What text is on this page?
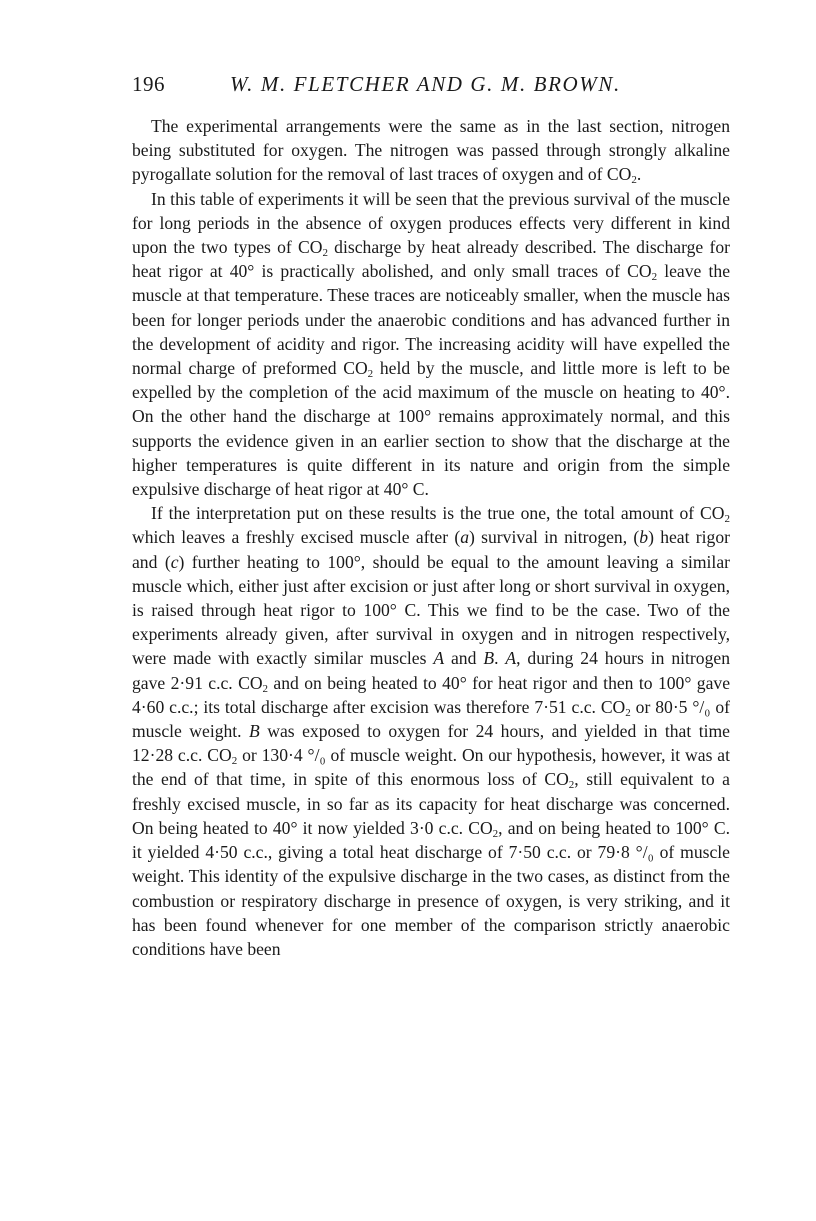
196	W. M. FLETCHER AND G. M. BROWN.

The experimental arrangements were the same as in the last section, nitrogen being substituted for oxygen. The nitrogen was passed through strongly alkaline pyrogallate solution for the removal of last traces of oxygen and of $CO_2$.

In this table of experiments it will be seen that the previous survival of the muscle for long periods in the absence of oxygen produces effects very different in kind upon the two types of $CO_2$ discharge by heat already described. The discharge for heat rigor at 40° is practically abolished, and only small traces of $CO_2$ leave the muscle at that temperature. These traces are noticeably smaller, when the muscle has been for longer periods under the anaerobic conditions and has advanced further in the development of acidity and rigor. The increasing acidity will have expelled the normal charge of preformed $CO_2$ held by the muscle, and little more is left to be expelled by the completion of the acid maximum of the muscle on heating to 40°. On the other hand the discharge at 100° remains approximately normal, and this supports the evidence given in an earlier section to show that the discharge at the higher temperatures is quite different in its nature and origin from the simple expulsive discharge of heat rigor at 40° C.

If the interpretation put on these results is the true one, the total amount of $CO_2$ which leaves a freshly excised muscle after (a) survival in nitrogen, (b) heat rigor and (c) further heating to 100°, should be equal to the amount leaving a similar muscle which, either just after excision or just after long or short survival in oxygen, is raised through heat rigor to 100° C. This we find to be the case. Two of the experiments already given, after survival in oxygen and in nitrogen respectively, were made with exactly similar muscles A and B. A, during 24 hours in nitrogen gave 2·91 c.c. $CO_2$ and on being heated to 40° for heat rigor and then to 100° gave 4·60 c.c.; its total discharge after excision was therefore 7·51 c.c. $CO_2$ or 80·5 °/₀ of muscle weight. B was exposed to oxygen for 24 hours, and yielded in that time 12·28 c.c. $CO_2$ or 130·4 °/₀ of muscle weight. On our hypothesis, however, it was at the end of that time, in spite of this enormous loss of $CO_2$, still equivalent to a freshly excised muscle, in so far as its capacity for heat discharge was concerned. On being heated to 40° it now yielded 3·0 c.c. $CO_2$, and on being heated to 100° C. it yielded 4·50 c.c., giving a total heat discharge of 7·50 c.c. or 79·8 °/₀ of muscle weight. This identity of the expulsive discharge in the two cases, as distinct from the combustion or respiratory discharge in presence of oxygen, is very striking, and it has been found whenever for one member of the comparison strictly anaerobic conditions have been
